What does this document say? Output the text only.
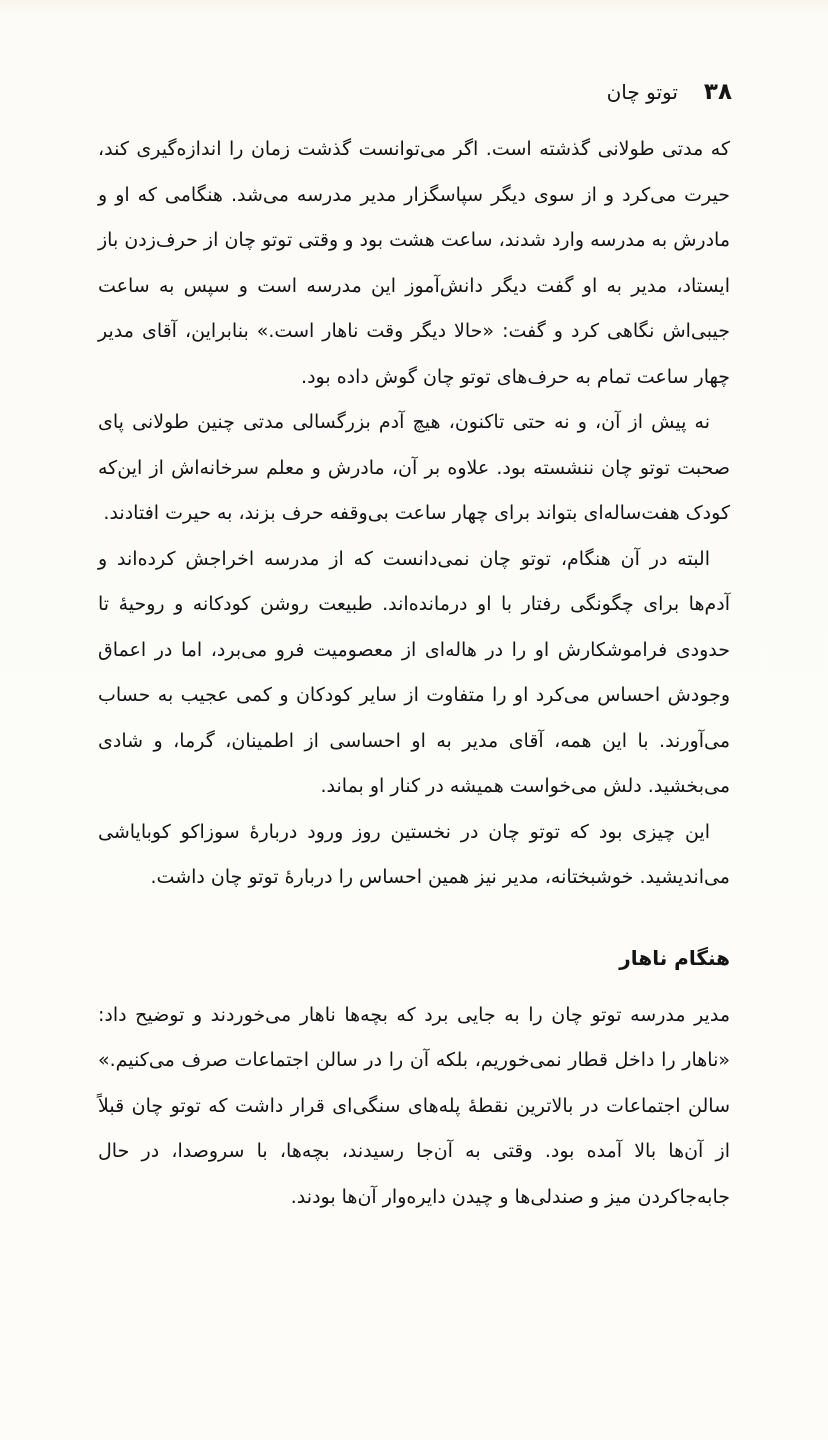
۳۸
توتو چان

که مدتی طولانی گذشته است. اگر می‌توانست گذشت زمان را اندازه‌گیری کند، حیرت می‌کرد و از سوی دیگر سپاسگزار مدیر مدرسه می‌شد. هنگامی که او و مادرش به مدرسه وارد شدند، ساعت هشت بود و وقتی توتو چان از حرف‌زدن باز ایستاد، مدیر به او گفت دیگر دانش‌آموز این مدرسه است و سپس به ساعت جیبی‌اش نگاهی کرد و گفت: «حالا دیگر وقت ناهار است.» بنابراین، آقای مدیر چهار ساعت تمام به حرف‌های توتو چان گوش داده بود.

نه پیش از آن، و نه حتی تاکنون، هیچ آدم بزرگسالی مدتی چنین طولانی پای صحبت توتو چان ننشسته بود. علاوه بر آن، مادرش و معلم سرخانه‌اش از این‌که کودک هفت‌ساله‌ای بتواند برای چهار ساعت بی‌وقفه حرف بزند، به حیرت افتادند.

البته در آن هنگام، توتو چان نمی‌دانست که از مدرسه اخراجش کرده‌اند و آدم‌ها برای چگونگی رفتار با او درمانده‌اند. طبیعت روشن کودکانه و روحیهٔ تا حدودی فراموشکارش او را در هاله‌ای از معصومیت فرو می‌برد، اما در اعماق وجودش احساس می‌کرد او را متفاوت از سایر کودکان و کمی عجیب به حساب می‌آورند. با این همه، آقای مدیر به او احساسی از اطمینان، گرما، و شادی می‌بخشید. دلش می‌خواست همیشه در کنار او بماند.

این چیزی بود که توتو چان در نخستین روز ورود دربارهٔ سوزاکو کوبایاشی می‌اندیشید. خوشبختانه، مدیر نیز همین احساس را دربارهٔ توتو چان داشت.

هنگام ناهار

مدیر مدرسه توتو چان را به جایی برد که بچه‌ها ناهار می‌خوردند و توضیح داد: «ناهار را داخل قطار نمی‌خوریم، بلکه آن را در سالن اجتماعات صرف می‌کنیم.» سالن اجتماعات در بالاترین نقطهٔ پله‌های سنگی‌ای قرار داشت که توتو چان قبلاً از آن‌ها بالا آمده بود. وقتی به آن‌جا رسیدند، بچه‌ها، با سروصدا، در حال جابه‌جاکردن میز و صندلی‌ها و چیدن دایره‌وار آن‌ها بودند.
